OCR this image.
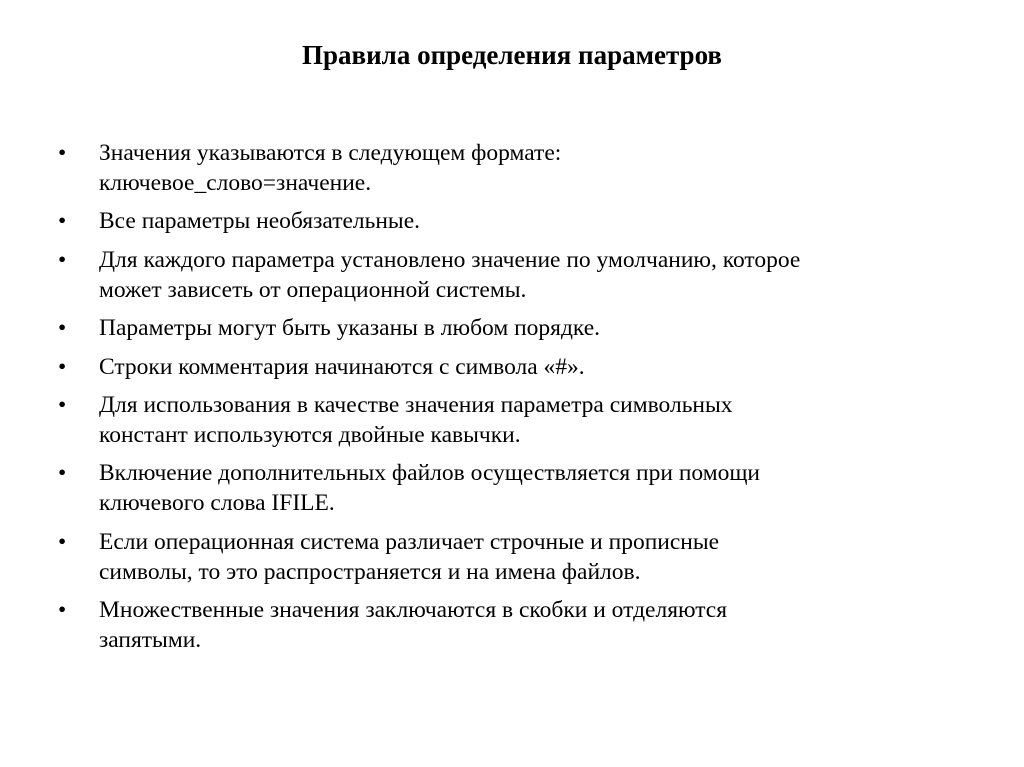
Правила определения параметров
•	Значения указываются в следующем формате:
ключевое_слово=значение.
•	Все параметры необязательные.
•	Для каждого параметра установлено значение по умолчанию, которое
может зависеть от операционной системы.
•	Параметры могут быть указаны в любом порядке.
•	Строки комментария начинаются с символа «#».
•	Для использования в качестве значения параметра символьных
констант используются двойные кавычки.
•	Включение дополнительных файлов осуществляется при помощи
ключевого слова IFILE.
•	Если операционная система различает строчные и прописные
символы, то это распространяется и на имена файлов.
•	Множественные значения заключаются в скобки и отделяются
запятыми.
